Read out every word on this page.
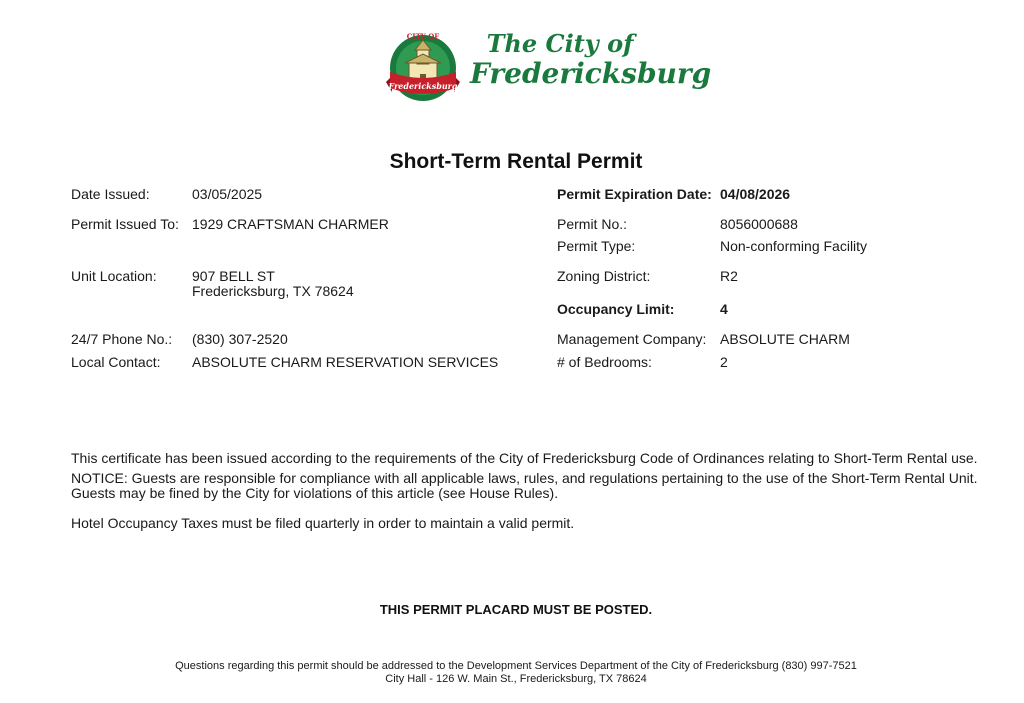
CITY OF
Fredericksburg
The City of
Fredericksburg
Short-Term Rental Permit
Date Issued:	03/05/2025
Permit Issued To: 1929 CRAFTSMAN CHARMER
Unit Location:	907 BELL ST
Fredericksburg, TX 78624
24/7 Phone No.: (830) 307-2520
Local Contact: ABSOLUTE CHARM RESERVATION SERVICES
Permit Expiration Date: 04/08/2026
Permit No.:	8056000688
Permit Type:	Non-conforming Facility
Zoning District:	R2
Occupancy Limit:	4
Management Company: ABSOLUTE CHARM
# of Bedrooms:	2
This certificate has been issued according to the requirements of the City of Fredericksburg Code of Ordinances relating to Short-Term Rental use.
NOTICE: Guests are responsible for compliance with all applicable laws, rules, and regulations pertaining to the use of the Short-Term Rental Unit.
Guests may be fined by the City for violations of this article (see House Rules).
Hotel Occupancy Taxes must be filed quarterly in order to maintain a valid permit.
THIS PERMIT PLACARD MUST BE POSTED.
Questions regarding this permit should be addressed to the Development Services Department of the City of Fredericksburg (830) 997-7521
City Hall - 126 W. Main St., Fredericksburg, TX 78624
